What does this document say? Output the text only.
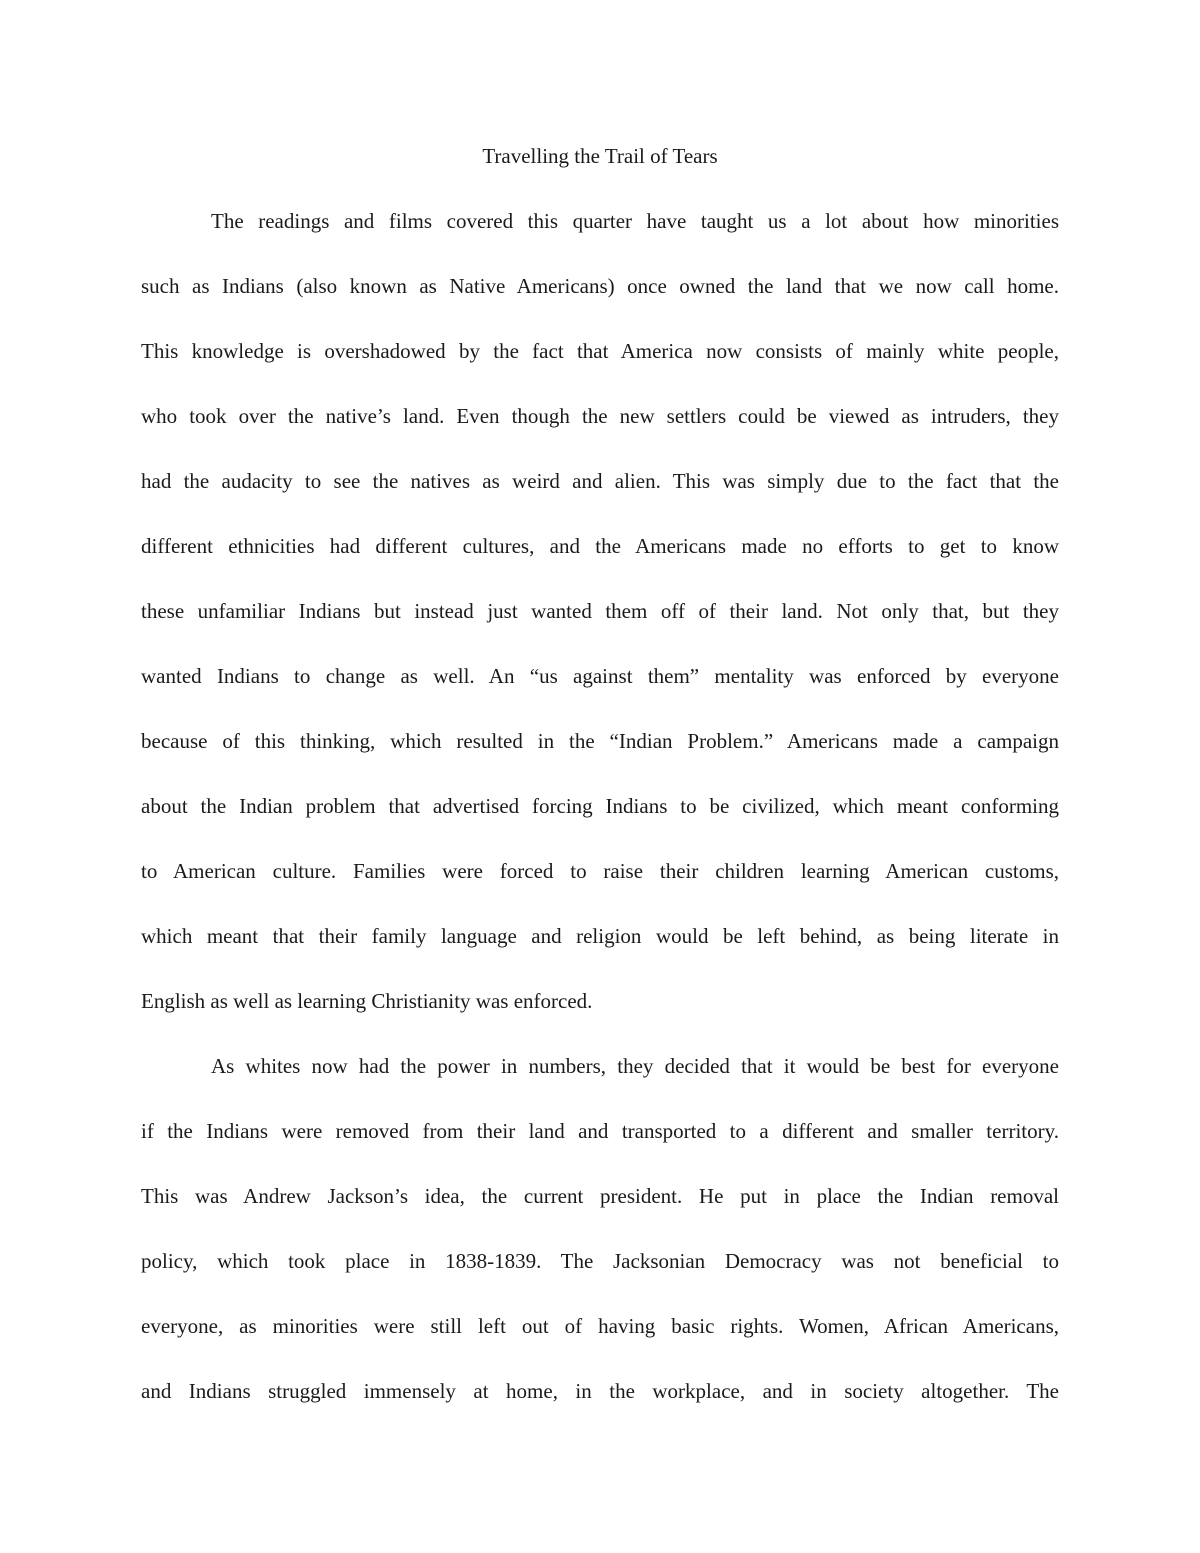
Travelling the Trail of Tears
The readings and films covered this quarter have taught us a lot about how minorities
such as Indians (also known as Native Americans) once owned the land that we now call home.
This knowledge is overshadowed by the fact that America now consists of mainly white people,
who took over the native’s land. Even though the new settlers could be viewed as intruders, they
had the audacity to see the natives as weird and alien. This was simply due to the fact that the
different ethnicities had different cultures, and the Americans made no efforts to get to know
these unfamiliar Indians but instead just wanted them off of their land. Not only that, but they
wanted Indians to change as well. An “us against them” mentality was enforced by everyone
because of this thinking, which resulted in the “Indian Problem.” Americans made a campaign
about the Indian problem that advertised forcing Indians to be civilized, which meant conforming
to American culture. Families were forced to raise their children learning American customs,
which meant that their family language and religion would be left behind, as being literate in
English as well as learning Christianity was enforced.
As whites now had the power in numbers, they decided that it would be best for everyone
if the Indians were removed from their land and transported to a different and smaller territory.
This was Andrew Jackson’s idea, the current president. He put in place the Indian removal
policy, which took place in 1838-1839. The Jacksonian Democracy was not beneficial to
everyone, as minorities were still left out of having basic rights. Women, African Americans,
and Indians struggled immensely at home, in the workplace, and in society altogether. The
